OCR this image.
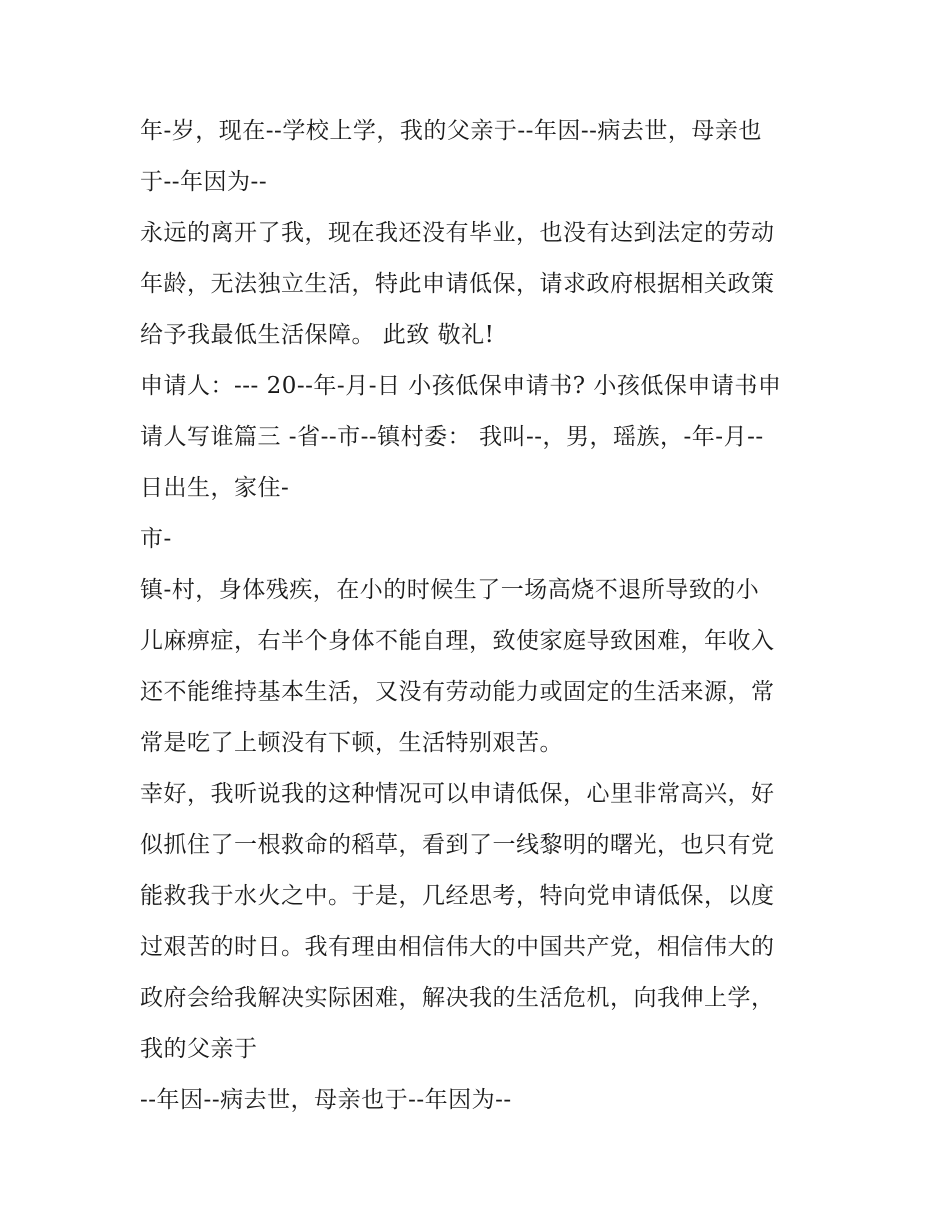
年-岁，现在--学校上学，我的父亲于--年因--病去世，母亲也
于--年因为--
永远的离开了我，现在我还没有毕业，也没有达到法定的劳动
年龄，无法独立生活，特此申请低保，请求政府根据相关政策
给予我最低生活保障。 此致 敬礼!
申请人：--- 20--年-月-日 小孩低保申请书? 小孩低保申请书申
请人写谁篇三 -省--市--镇村委： 我叫--，男，瑶族，-年-月--
日出生，家住-
市-
镇-村，身体残疾，在小的时候生了一场高烧不退所导致的小
儿麻痹症，右半个身体不能自理，致使家庭导致困难，年收入
还不能维持基本生活，又没有劳动能力或固定的生活来源，常
常是吃了上顿没有下顿，生活特别艰苦。
幸好，我听说我的这种情况可以申请低保，心里非常高兴，好
似抓住了一根救命的稻草，看到了一线黎明的曙光，也只有党
能救我于水火之中。于是，几经思考，特向党申请低保，以度
过艰苦的时日。我有理由相信伟大的中国共产党，相信伟大的
政府会给我解决实际困难，解决我的生活危机，向我伸上学，
我的父亲于
--年因--病去世，母亲也于--年因为--
